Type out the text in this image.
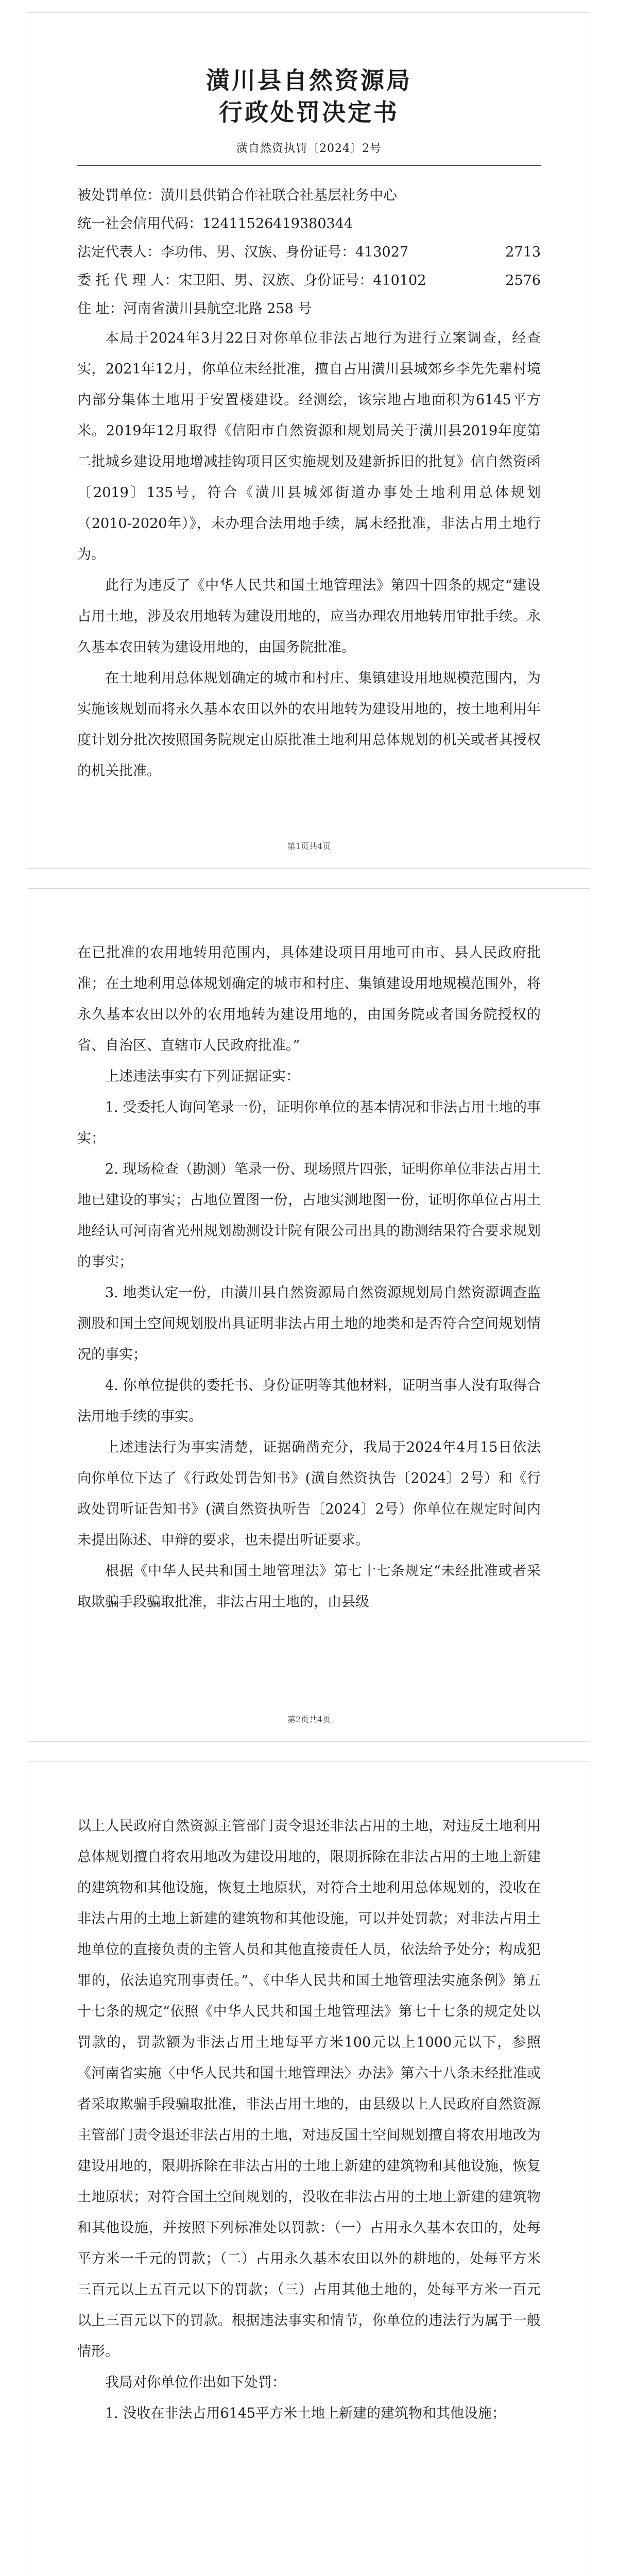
潢川县自然资源局
行政处罚决定书
潢自然资执罚〔2024〕2号

被处罚单位：潢川县供销合作社联合社基层社务中心

统一社会信用代码：12411526419380344

法定代表人：李功伟、男、汉族、身份证号：413027	2713

委 托 代 理 人：宋卫阳、男、汉族、身份证号：410102	2576

住 址：河南省潢川县航空北路 258 号

本局于2024年3月22日对你单位非法占地行为进行立案调查，经查实，2021年12月，你单位未经批准，擅自占用潢川县城郊乡李先先辈村境内部分集体土地用于安置楼建设。经测绘，该宗地占地面积为6145平方米。2019年12月取得《信阳市自然资源和规划局关于潢川县2019年度第二批城乡建设用地增减挂钩项目区实施规划及建新拆旧的批复》信自然资函〔2019〕135号，符合《潢川县城郊街道办事处土地利用总体规划（2010-2020年）》，未办理合法用地手续，属未经批准，非法占用土地行为。

此行为违反了《中华人民共和国土地管理法》第四十四条的规定“建设占用土地，涉及农用地转为建设用地的，应当办理农用地转用审批手续。永久基本农田转为建设用地的，由国务院批准。

在土地利用总体规划确定的城市和村庄、集镇建设用地规模范围内，为实施该规划而将永久基本农田以外的农用地转为建设用地的，按土地利用年度计划分批次按照国务院规定由原批准土地利用总体规划的机关或者其授权的机关批准。

第1页共4页

在已批准的农用地转用范围内，具体建设项目用地可由市、县人民政府批准；在土地利用总体规划确定的城市和村庄、集镇建设用地规模范围外，将永久基本农田以外的农用地转为建设用地的，由国务院或者国务院授权的省、自治区、直辖市人民政府批准。”

上述违法事实有下列证据证实：

1. 受委托人询问笔录一份，证明你单位的基本情况和非法占用土地的事实；

2. 现场检查（勘测）笔录一份、现场照片四张，证明你单位非法占用土地已建设的事实；占地位置图一份，占地实测地图一份，证明你单位占用土地经认可河南省光州规划勘测设计院有限公司出具的勘测结果符合要求规划的事实；

3. 地类认定一份，由潢川县自然资源局自然资源规划局自然资源调查监测股和国土空间规划股出具证明非法占用土地的地类和是否符合空间规划情况的事实；

4. 你单位提供的委托书、身份证明等其他材料，证明当事人没有取得合法用地手续的事实。

上述违法行为事实清楚，证据确凿充分，我局于2024年4月15日依法向你单位下达了《行政处罚告知书》(潢自然资执告〔2024〕2号）和《行政处罚听证告知书》(潢自然资执听告〔2024〕2号）你单位在规定时间内未提出陈述、申辩的要求，也未提出听证要求。

根据《中华人民共和国土地管理法》第七十七条规定“未经批准或者采取欺骗手段骗取批准，非法占用土地的，由县级

第2页共4页

以上人民政府自然资源主管部门责令退还非法占用的土地，对违反土地利用总体规划擅自将农用地改为建设用地的，限期拆除在非法占用的土地上新建的建筑物和其他设施，恢复土地原状，对符合土地利用总体规划的，没收在非法占用的土地上新建的建筑物和其他设施，可以并处罚款；对非法占用土地单位的直接负责的主管人员和其他直接责任人员，依法给予处分；构成犯罪的，依法追究刑事责任。”、《中华人民共和国土地管理法实施条例》第五十七条的规定“依照《中华人民共和国土地管理法》第七十七条的规定处以罚款的，罚款额为非法占用土地每平方米100元以上1000元以下，参照《河南省实施〈中华人民共和国土地管理法〉办法》第六十八条未经批准或者采取欺骗手段骗取批准，非法占用土地的，由县级以上人民政府自然资源主管部门责令退还非法占用的土地，对违反国土空间规划擅自将农用地改为建设用地的，限期拆除在非法占用的土地上新建的建筑物和其他设施，恢复土地原状；对符合国土空间规划的，没收在非法占用的土地上新建的建筑物和其他设施，并按照下列标准处以罚款：（一）占用永久基本农田的，处每平方米一千元的罚款；（二）占用永久基本农田以外的耕地的，处每平方米三百元以上五百元以下的罚款；（三）占用其他土地的，处每平方米一百元以上三百元以下的罚款。根据违法事实和情节，你单位的违法行为属于一般情形。

我局对你单位作出如下处罚：

1. 没收在非法占用6145平方米土地上新建的建筑物和其他设施；
